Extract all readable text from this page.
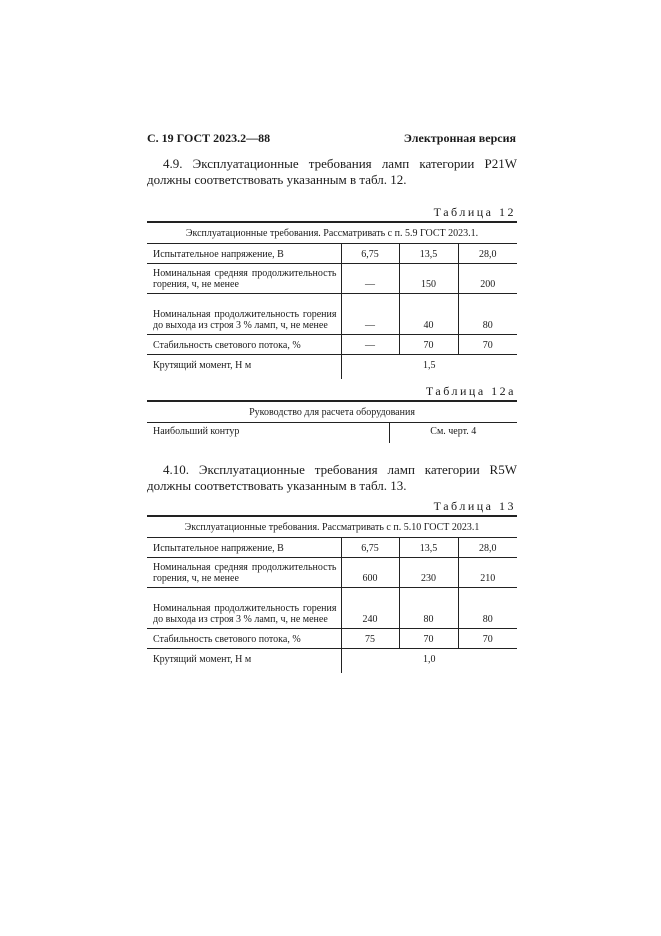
С. 19 ГОСТ 2023.2—88	Электронная версия

4.9. Эксплуатационные требования ламп категории P21W должны соответствовать указанным в табл. 12.

Таблица 12
Эксплуатационные требования. Рассматривать с п. 5.9 ГОСТ 2023.1.			
Испытательное напряжение, В	6,75	13,5	28,0
Номинальная средняя продолжительность горения, ч, не менее	—	150	200
Номинальная продолжительность горения до выхода из строя 3 % ламп, ч, не менее	—	40	80
Стабильность светового потока, %	—	70	70
Крутящий момент, Н м	1,5		
Таблица 12а
Руководство для расчета оборудования
Наибольший контур	См. черт. 4

4.10. Эксплуатационные требования ламп категории R5W должны соответствовать указанным в табл. 13.

Таблица 13
Эксплуатационные требования. Рассматривать с п. 5.10 ГОСТ 2023.1			
Испытательное напряжение, В	6,75	13,5	28,0
Номинальная средняя продолжительность горения, ч, не менее	600	230	210
Номинальная продолжительность горения до выхода из строя 3 % ламп, ч, не менее	240	80	80
Стабильность светового потока, %	75	70	70
Крутящий момент, Н м	1,0		
